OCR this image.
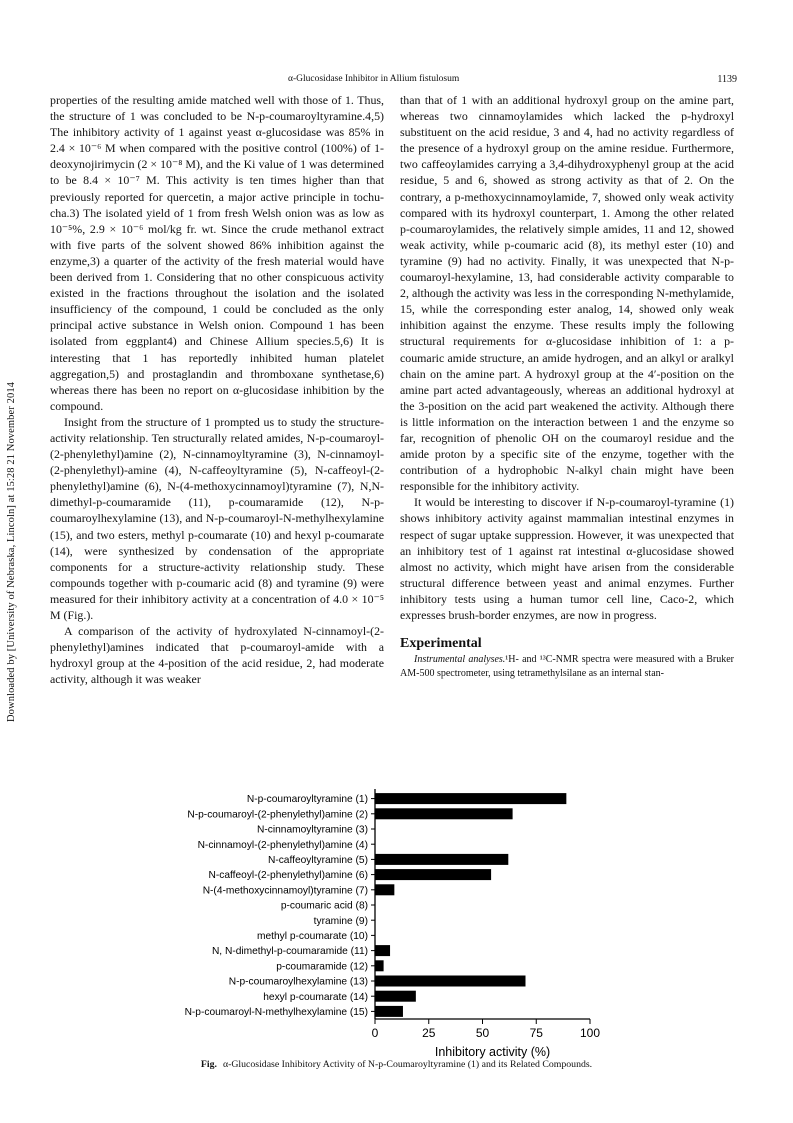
α-Glucosidase Inhibitor in Allium fistulosum	1139
Downloaded by [University of Nebraska, Lincoln] at 15:28 21 November 2014

properties of the resulting amide matched well with those of 1. Thus, the structure of 1 was concluded to be N-p-coumaroyltyramine.4,5) The inhibitory activity of 1 against yeast α-glucosidase was 85% in 2.4 × 10⁻⁶ M when compared with the positive control (100%) of 1-deoxynojirimycin (2 × 10⁻⁸ M), and the Ki value of 1 was determined to be 8.4 × 10⁻⁷ M. This activity is ten times higher than that previously reported for quercetin, a major active principle in tochu-cha.3) The isolated yield of 1 from fresh Welsh onion was as low as 10⁻⁵%, 2.9 × 10⁻⁶ mol/kg fr. wt. Since the crude methanol extract with five parts of the solvent showed 86% inhibition against the enzyme,3) a quarter of the activity of the fresh material would have been derived from 1. Considering that no other conspicuous activity existed in the fractions throughout the isolation and the isolated insufficiency of the compound, 1 could be concluded as the only principal active substance in Welsh onion. Compound 1 has been isolated from eggplant4) and Chinese Allium species.5,6) It is interesting that 1 has reportedly inhibited human platelet aggregation,5) and prostaglandin and thromboxane synthetase,6) whereas there has been no report on α-glucosidase inhibition by the compound.

Insight from the structure of 1 prompted us to study the structure-activity relationship. Ten structurally related amides, N-p-coumaroyl-(2-phenylethyl)amine (2), N-cinnamoyltyramine (3), N-cinnamoyl-(2-phenylethyl)-amine (4), N-caffeoyltyramine (5), N-caffeoyl-(2-phenylethyl)amine (6), N-(4-methoxycinnamoyl)tyramine (7), N,N-dimethyl-p-coumaramide (11), p-coumaramide (12), N-p-coumaroylhexylamine (13), and N-p-coumaroyl-N-methylhexylamine (15), and two esters, methyl p-coumarate (10) and hexyl p-coumarate (14), were synthesized by condensation of the appropriate components for a structure-activity relationship study. These compounds together with p-coumaric acid (8) and tyramine (9) were measured for their inhibitory activity at a concentration of 4.0 × 10⁻⁵ M (Fig.).

A comparison of the activity of hydroxylated N-cinnamoyl-(2-phenylethyl)amines indicated that p-coumaroyl-amide with a hydroxyl group at the 4-position of the acid residue, 2, had moderate activity, although it was weaker

than that of 1 with an additional hydroxyl group on the amine part, whereas two cinnamoylamides which lacked the p-hydroxyl substituent on the acid residue, 3 and 4, had no activity regardless of the presence of a hydroxyl group on the amine residue. Furthermore, two caffeoylamides carrying a 3,4-dihydroxyphenyl group at the acid residue, 5 and 6, showed as strong activity as that of 2. On the contrary, a p-methoxycinnamoylamide, 7, showed only weak activity compared with its hydroxyl counterpart, 1. Among the other related p-coumaroylamides, the relatively simple amides, 11 and 12, showed weak activity, while p-coumaric acid (8), its methyl ester (10) and tyramine (9) had no activity. Finally, it was unexpected that N-p-coumaroyl-hexylamine, 13, had considerable activity comparable to 2, although the activity was less in the corresponding N-methylamide, 15, while the corresponding ester analog, 14, showed only weak inhibition against the enzyme. These results imply the following structural requirements for α-glucosidase inhibition of 1: a p-coumaric amide structure, an amide hydrogen, and an alkyl or aralkyl chain on the amine part. A hydroxyl group at the 4′-position on the amine part acted advantageously, whereas an additional hydroxyl at the 3-position on the acid part weakened the activity. Although there is little information on the interaction between 1 and the enzyme so far, recognition of phenolic OH on the coumaroyl residue and the amide proton by a specific site of the enzyme, together with the contribution of a hydrophobic N-alkyl chain might have been responsible for the inhibitory activity.

It would be interesting to discover if N-p-coumaroyl-tyramine (1) shows inhibitory activity against mammalian intestinal enzymes in respect of sugar uptake suppression. However, it was unexpected that an inhibitory test of 1 against rat intestinal α-glucosidase showed almost no activity, which might have arisen from the considerable structural difference between yeast and animal enzymes. Further inhibitory tests using a human tumor cell line, Caco-2, which expresses brush-border enzymes, are now in progress.

Experimental

Instrumental analyses.¹H- and ¹³C-NMR spectra were measured with a Bruker AM-500 spectrometer, using tetramethylsilane as an internal stan-

N-p-coumaroyltyramine (1)
N-p-coumaroyl-(2-phenylethyl)amine (2)
N-cinnamoyltyramine (3)
N-cinnamoyl-(2-phenylethyl)amine (4)
N-caffeoyltyramine (5)
N-caffeoyl-(2-phenylethyl)amine (6)
N-(4-methoxycinnamoyl)tyramine (7)
p-coumaric acid (8)
tyramine (9)
methyl p-coumarate (10)
N, N-dimethyl-p-coumaramide (11)
p-coumaramide (12)
N-p-coumaroylhexylamine (13)
hexyl p-coumarate (14)
N-p-coumaroyl-N-methylhexylamine (15)
0	25	50	75	100
Inhibitory activity (%)
Fig. α-Glucosidase Inhibitory Activity of N-p-Coumaroyltyramine (1) and its Related Compounds.
